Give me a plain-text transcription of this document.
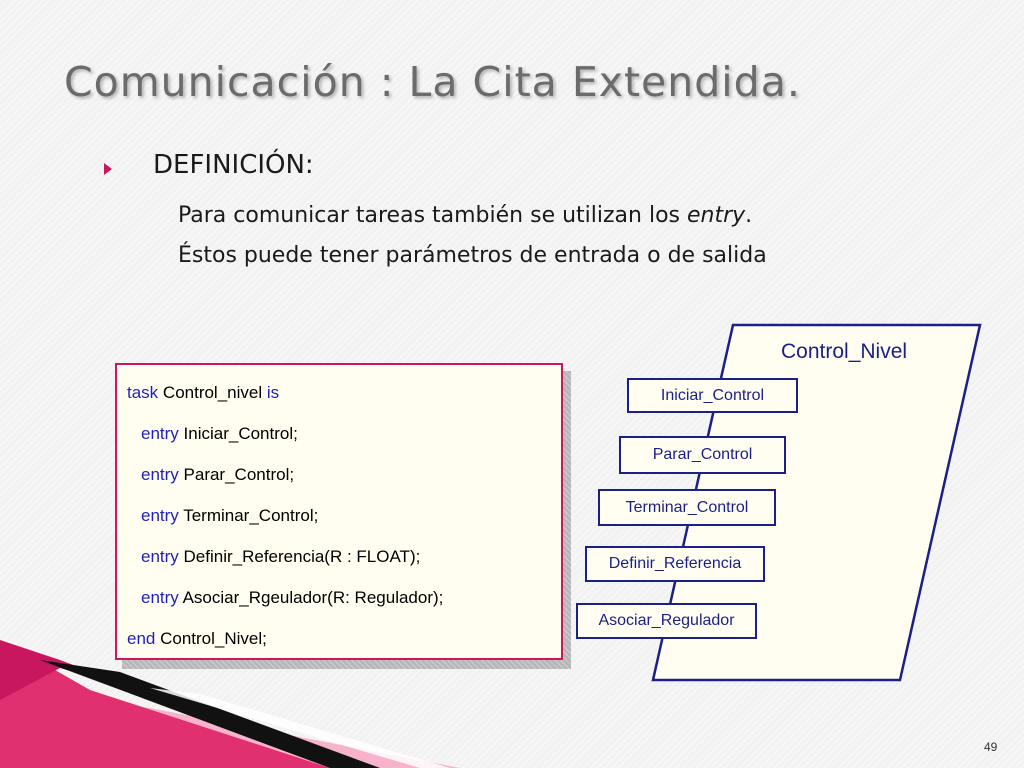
Comunicación : La Cita Extendida.
DEFINICIÓN:
Para comunicar tareas también se utilizan los entry.
Éstos puede tener parámetros de entrada o de salida
task Control_nivel is
entry Iniciar_Control;
entry Parar_Control;
entry Terminar_Control;
entry Definir_Referencia(R : FLOAT);
entry Asociar_Rgeulador(R: Regulador);
end Control_Nivel;
Control_Nivel
Iniciar_Control
Parar_Control
Terminar_Control
Definir_Referencia
Asociar_Regulador
49
